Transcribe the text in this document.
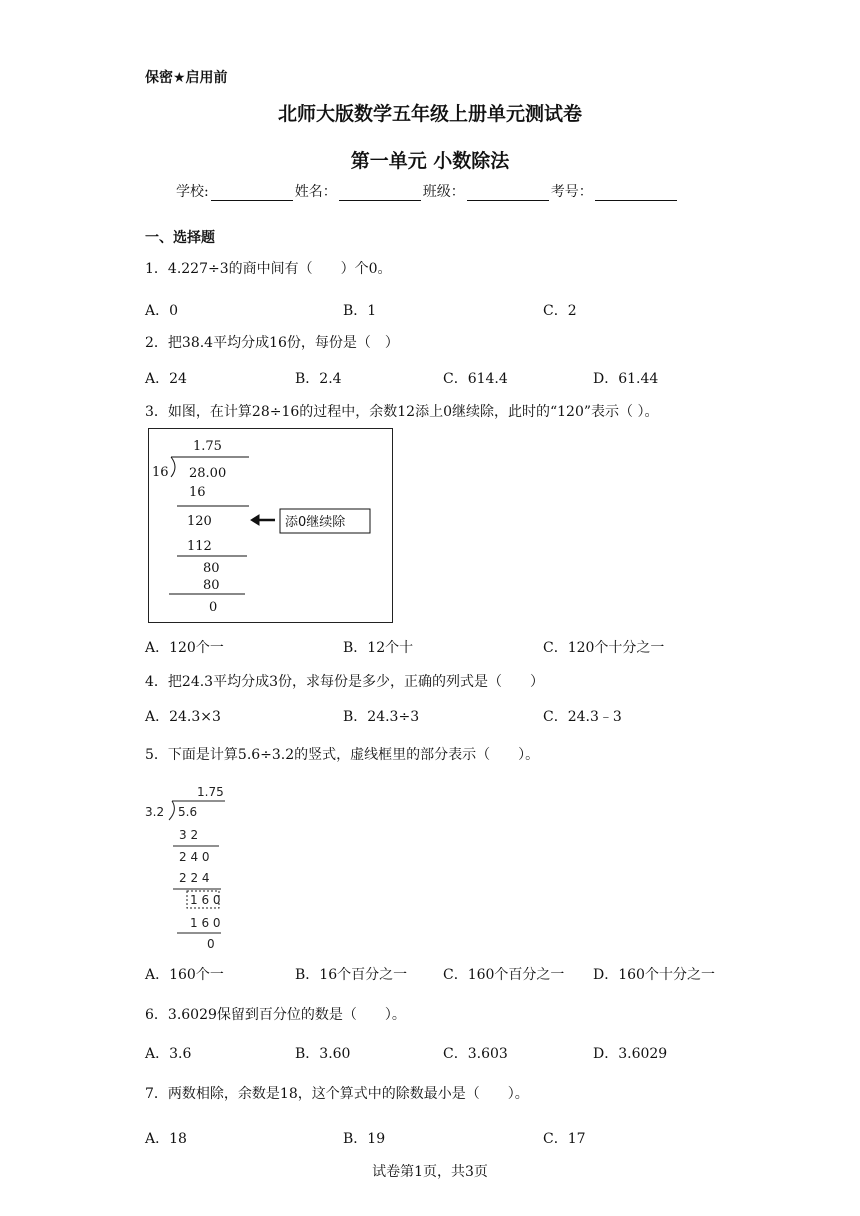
保密★启用前
北师大版数学五年级上册单元测试卷
第一单元 小数除法
学校:	姓名：	班级：	考号：
一、选择题
1．4.227÷3的商中间有（　　）个0。
A．0	B．1	C．2
2．把38.4平均分成16份，每份是（　）
A．24	B．2.4	C．614.4	D．61.44
3．如图，在计算28÷16的过程中，余数12添上0继续除，此时的“120”表示（ ）。
1.75
16 28.00
16
120
112
80
80
0
添0继续除
A．120个一	B．12个十	C．120个十分之一
4．把24.3平均分成3份，求每份是多少，正确的列式是（　　）
A．24.3×3	B．24.3÷3	C．24.3﹣3
5．下面是计算5.6÷3.2的竖式，虚线框里的部分表示（　　）。
1.75
3.2 5.6
3 2
2 4 0
2 2 4
1 6 0
1 6 0
0
A．160个一	B．16个百分之一	C．160个百分之一 D．160个十分之一
6．3.6029保留到百分位的数是（　　）。
A．3.6	B．3.60	C．3.603	D．3.6029
7．两数相除，余数是18，这个算式中的除数最小是（　　）。
A．18	B．19	C．17
试卷第1页，共3页
